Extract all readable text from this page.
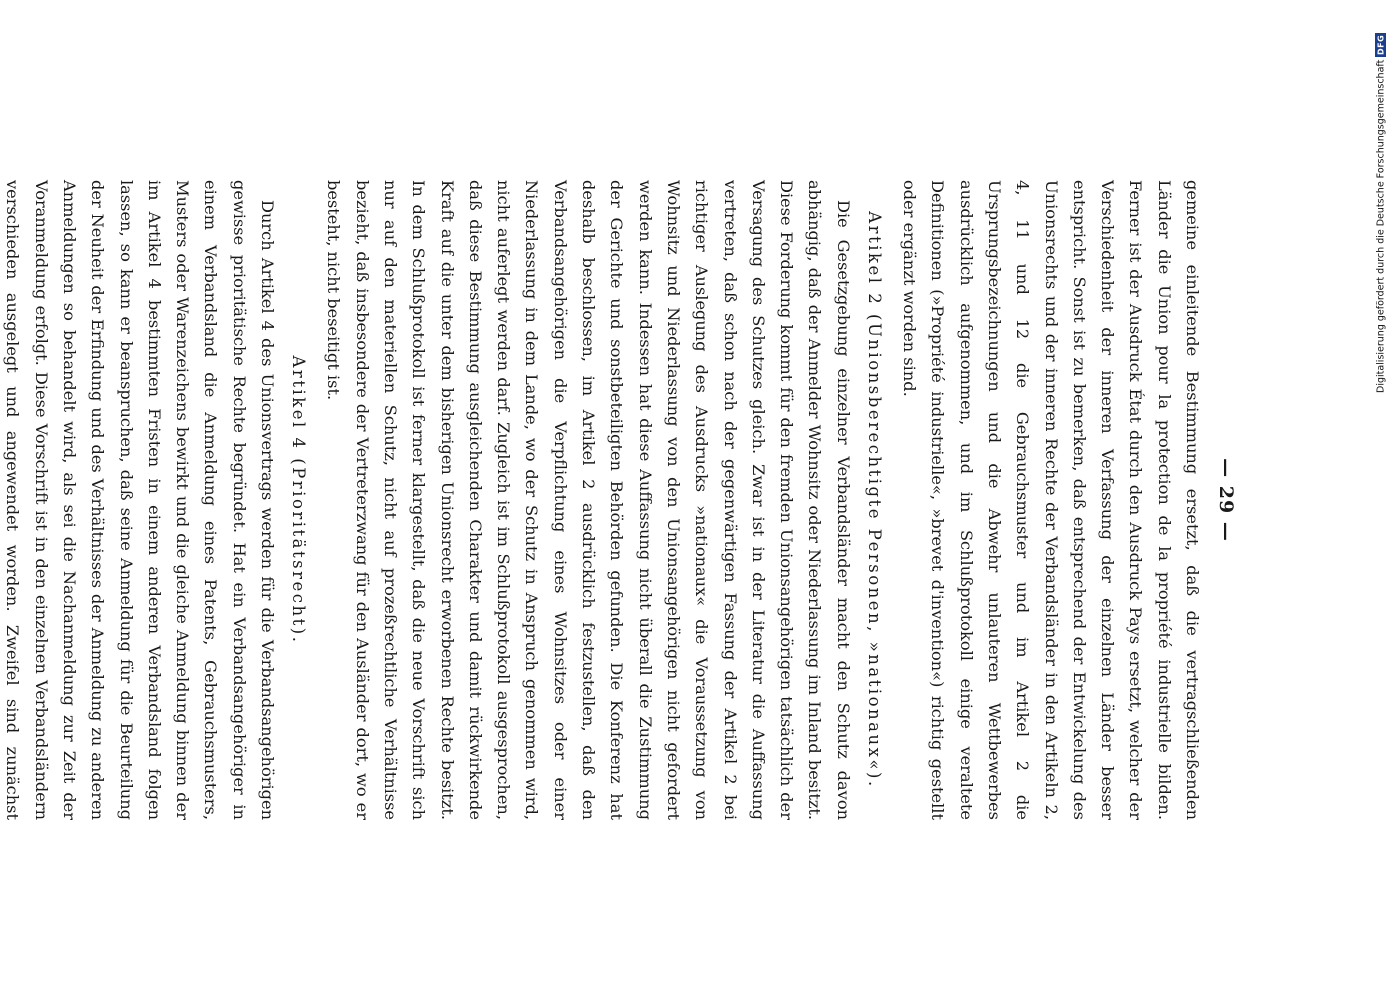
— 29 —

gemeine einleitende Bestimmung ersetzt, daß die vertragschließenden Länder die Union pour la protection de la propriété industrielle bilden. Ferner ist der Ausdruck État durch den Ausdruck Pays ersetzt, welcher der Verschiedenheit der inneren Verfassung der einzelnen Länder besser entspricht. Sonst ist zu bemerken, daß entsprechend der Entwickelung des Unionsrechts und der inneren Rechte der Verbandsländer in den Artikeln 2, 4, 11 und 12 die Gebrauchsmuster und im Artikel 2 die Ursprungsbezeichnungen und die Abwehr unlauteren Wettbewerbes ausdrücklich aufgenommen, und im Schlußprotokoll einige veraltete Definitionen (»Propriété industrielle«, »brevet d'invention«) richtig gestellt oder ergänzt worden sind.

Artikel 2 (Unionsberechtigte Personen, »nationaux«).

Die Gesetzgebung einzelner Verbandsländer macht den Schutz davon abhängig, daß der Anmelder Wohnsitz oder Niederlassung im Inland besitzt. Diese Forderung kommt für den fremden Unionsangehörigen tatsächlich der Versagung des Schutzes gleich. Zwar ist in der Literatur die Auffassung vertreten, daß schon nach der gegenwärtigen Fassung der Artikel 2 bei richtiger Auslegung des Ausdrucks »nationaux« die Voraussetzung von Wohnsitz und Niederlassung von den Unionsangehörigen nicht gefordert werden kann. Indessen hat diese Auffassung nicht überall die Zustimmung der Gerichte und sonstbeteiligten Behörden gefunden. Die Konferenz hat deshalb beschlossen, im Artikel 2 ausdrücklich festzustellen, daß den Verbandsangehörigen die Verpflichtung eines Wohnsitzes oder einer Niederlassung in dem Lande, wo der Schutz in Anspruch genommen wird, nicht auferlegt werden darf. Zugleich ist im Schlußprotokoll ausgesprochen, daß diese Bestimmung ausgleichenden Charakter und damit rückwirkende Kraft auf die unter dem bisherigen Unionsrecht erworbenen Rechte besitzt. In dem Schlußprotokoll ist ferner klargestellt, daß die neue Vorschrift sich nur auf den materiellen Schutz, nicht auf prozeßrechtliche Verhältnisse bezieht, daß insbesondere der Vertreterzwang für den Ausländer dort, wo er besteht, nicht beseitigt ist.

Artikel 4 (Prioritätsrecht).

Durch Artikel 4 des Unionsvertrags werden für die Verbandsangehörigen gewisse prioritätische Rechte begründet. Hat ein Verbandsangehöriger in einem Verbandsland die Anmeldung eines Patents, Gebrauchsmusters, Musters oder Warenzeichens bewirkt und die gleiche Anmeldung binnen der im Artikel 4 bestimmten Fristen in einem anderen Verbandsland folgen lassen, so kann er beanspruchen, daß seine Anmeldung für die Beurteilung der Neuheit der Erfindung und des Verhältnisses der Anmeldung zu anderen Anmeldungen so behandelt wird, als sei die Nachanmeldung zur Zeit der Voranmeldung erfolgt. Diese Vorschrift ist in den einzelnen Verbandsländern verschieden ausgelegt und angewendet worden. Zweifel sind zunächst

Digitalisierung gefördert durch die Deutsche Forschungsgemeinschaft
DFG
